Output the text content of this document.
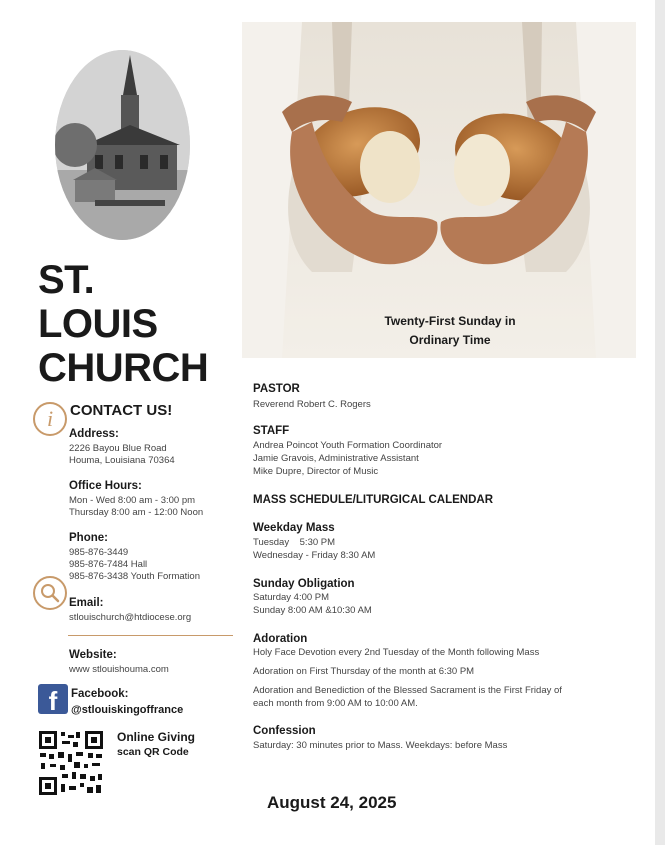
ST.
LOUIS
CHURCH
i	CONTACT US!
Address:
2226 Bayou Blue Road
Houma, Louisiana 70364
Office Hours:
Mon - Wed 8:00 am - 3:00 pm
Thursday 8:00 am - 12:00 Noon
Phone:
985-876-3449
985-876-7484 Hall
985-876-3438 Youth Formation
Email:
stlouischurch@htdiocese.org
Website:
www stlouishouma.com
f	Facebook:
@stlouiskingoffrance
Online Giving
scan QR Code
Twenty-First Sunday in
Ordinary Time
PASTOR
Reverend Robert C. Rogers
STAFF
Andrea Poincot Youth Formation Coordinator
Jamie Gravois, Administrative Assistant
Mike Dupre, Director of Music
MASS SCHEDULE/LITURGICAL CALENDAR
Weekday Mass
Tuesday    5:30 PM
Wednesday - Friday 8:30 AM
Sunday Obligation
Saturday 4:00 PM
Sunday 8:00 AM &10:30 AM
Adoration
Holy Face Devotion every 2nd Tuesday of the Month following Mass
Adoration on First Thursday of the month at 6:30 PM
Adoration and Benediction of the Blessed Sacrament is the First Friday of
each month from 9:00 AM to 10:00 AM.
Confession
Saturday: 30 minutes prior to Mass. Weekdays: before Mass
August 24, 2025
